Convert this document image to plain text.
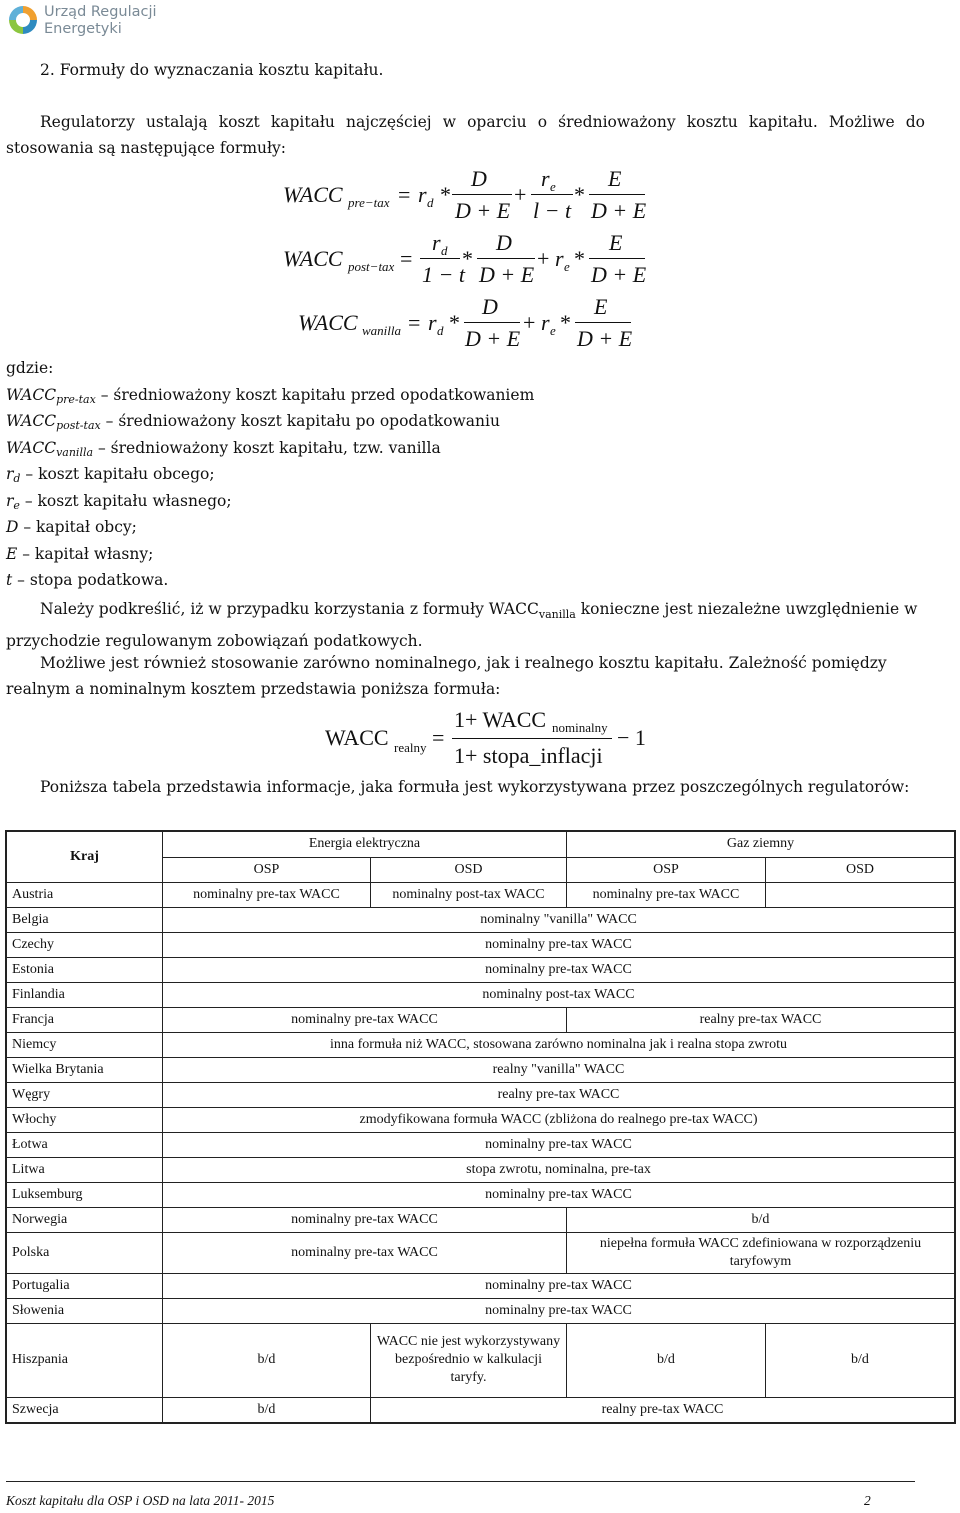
Urząd Regulacji
Energetyki
2. Formuły do wyznaczania kosztu kapitału.
Regulatorzy ustalają koszt kapitału najczęściej w oparciu o średnioważony kosztu kapitału. Możliwe do
stosowania są następujące formuły:
WACC pre−tax = r d *
D
D + E
+
r e
l − t
*
E
D + E
WACC post−tax =
r d
1 − t
*
D
D + E
+ r e *
E
D + E
WACC wanilla = r d *
D
D + E
+ r e *
E
D + E
gdzie:
$WACC_{pre-tax}$ – średnioważony koszt kapitału przed opodatkowaniem
$WACC_{post-tax}$ – średnioważony koszt kapitału po opodatkowaniu
$WACC_{vanilla}$ – średnioważony koszt kapitału, tzw. vanilla
$r_d$ – koszt kapitału obcego;
$r_e$ – koszt kapitału własnego;
D – kapitał obcy;
E – kapitał własny;
t – stopa podatkowa.
Należy podkreślić, iż w przypadku korzystania z formuły $WACC_{vanilla}$ konieczne jest niezależne uwzględnienie w przychodzie regulowanym zobowiązań podatkowych.
Możliwe jest również stosowanie zarówno nominalnego, jak i realnego kosztu kapitału. Zależność pomiędzy realnym a nominalnym kosztem przedstawia poniższa formuła:
WACC realny =
1+ WACC nominalny
1+ stopa_inflacji
− 1
Poniższa tabela przedstawia informacje, jaka formuła jest wykorzystywana przez poszczególnych regulatorów:
Kraj	Energia elektryczna		Gaz ziemny	
	OSP	OSD	OSP	OSD
Austria	nominalny pre-tax WACC	nominalny post-tax WACC	nominalny pre-tax WACC	
Belgia	nominalny "vanilla" WACC			
Czechy	nominalny pre-tax WACC			
Estonia	nominalny pre-tax WACC			
Finlandia	nominalny post-tax WACC			
Francja	nominalny pre-tax WACC		realny pre-tax WACC	
Niemcy	inna formuła niż WACC, stosowana zarówno nominalna jak i realna stopa zwrotu			
Wielka Brytania	realny "vanilla" WACC			
Węgry	realny pre-tax WACC			
Włochy	zmodyfikowana formuła WACC (zbliżona do realnego pre-tax WACC)			
Łotwa	nominalny pre-tax WACC			
Litwa	stopa zwrotu, nominalna, pre-tax			
Luksemburg	nominalny pre-tax WACC			
Norwegia	nominalny pre-tax WACC		b/d	
Polska	nominalny pre-tax WACC		niepełna formuła WACC zdefiniowana w rozporządzeniu taryfowym	
Portugalia	nominalny pre-tax WACC			
Słowenia	nominalny pre-tax WACC			
Hiszpania	b/d	WACC nie jest wykorzystywany bezpośrednio w kalkulacji taryfy.	b/d	b/d
Szwecja	b/d	realny pre-tax WACC		
Koszt kapitału dla OSP i OSD na lata 2011- 2015	2
